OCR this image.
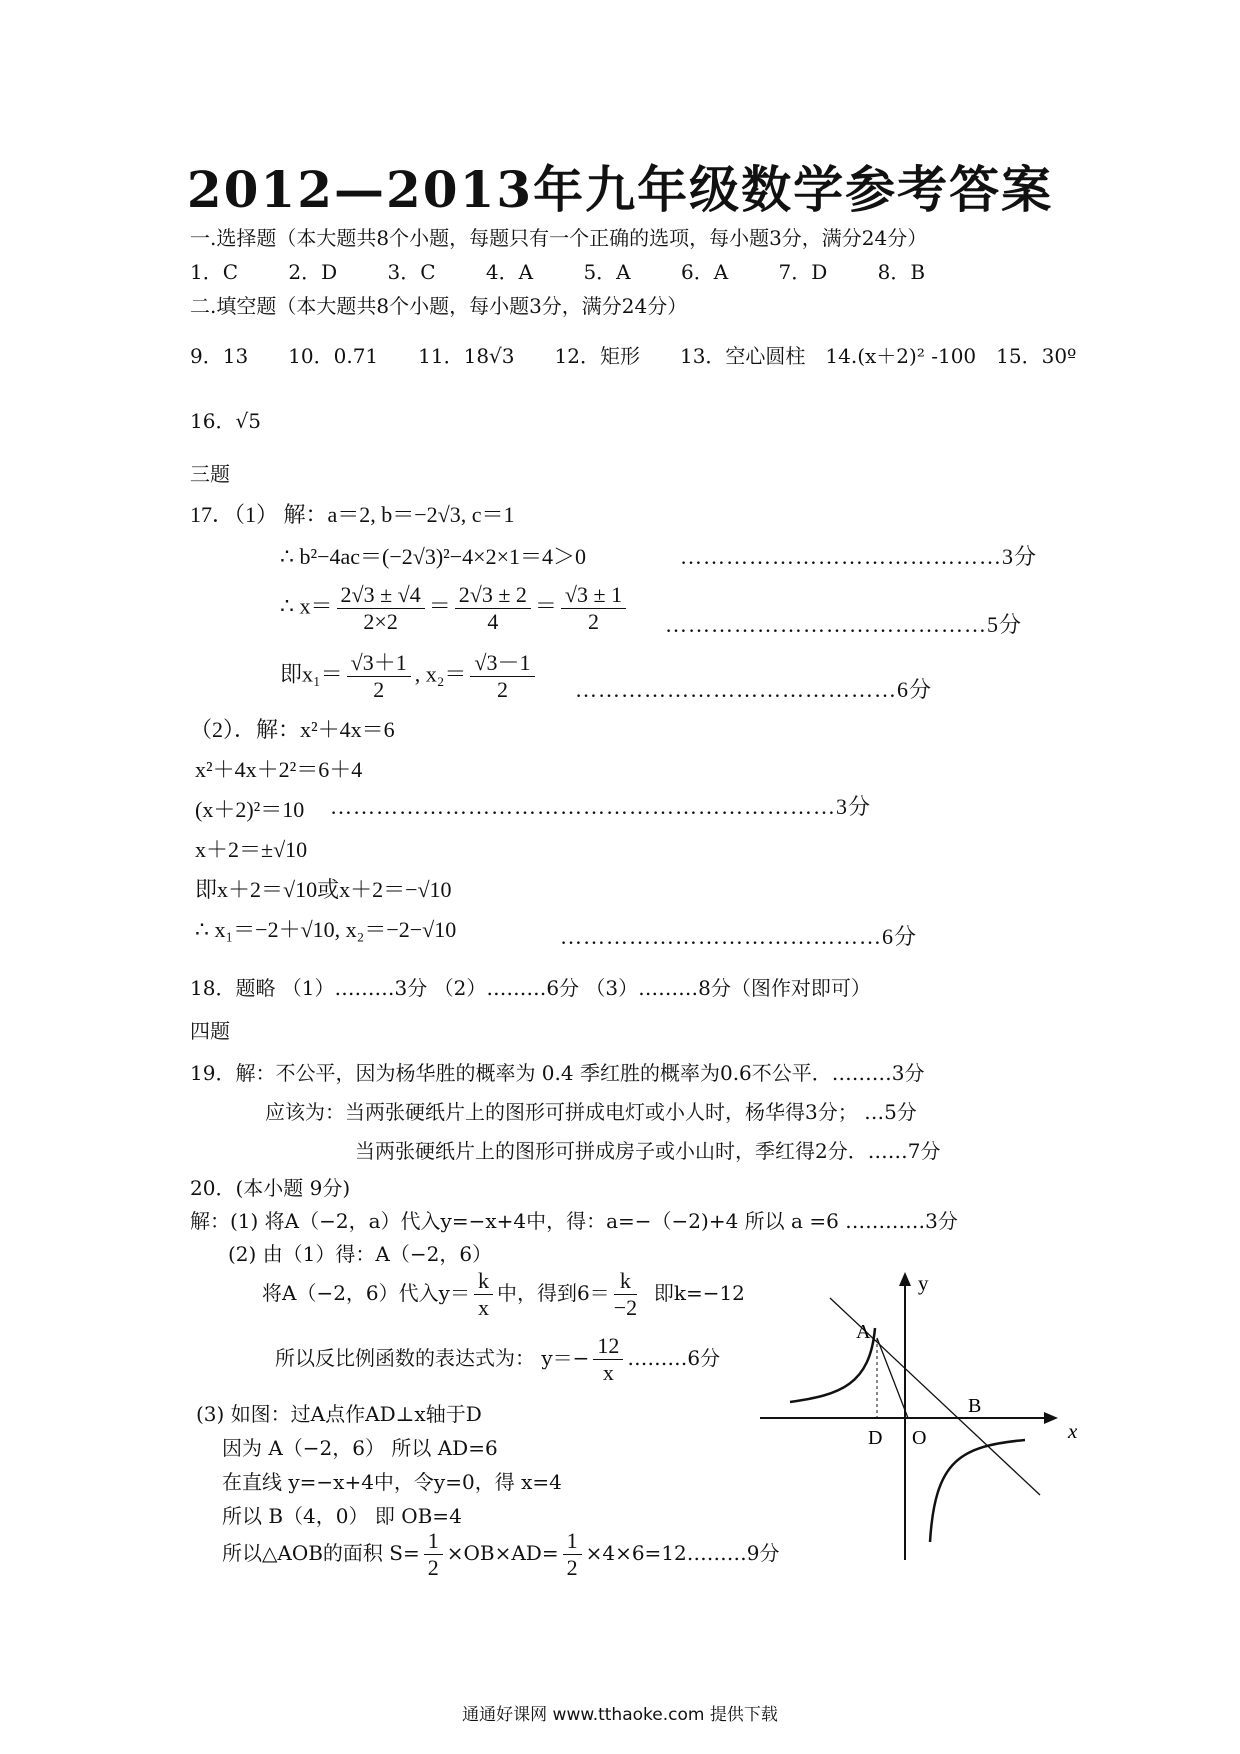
2012—2013年九年级数学参考答案
一.选择题（本大题共8个小题，每题只有一个正确的选项，每小题3分，满分24分）
1．C	2．D	3．C	4．A	5．A	6．A	7．D	8．B
二.填空题（本大题共8个小题，每小题3分，满分24分）
9．13　　10．0.71　　11．18√3　　12．矩形　　13．空心圆柱　14.(x＋2)² -100　15．30º
16．√5
三题
17．（1） 解：a＝2, b＝−2√3, c＝1
∴ b²−4ac＝(−2√3)²−4×2×1＝4＞0	……………………………………3分
∴ $x= \frac{2√3 \pm √4}{2\times 2} = \frac{2√3 \pm 2}{4} = \frac{√3 \pm 1}{2}$ ……………………………………5分
即$x_1= \frac{√3+1}{2}$ , $x_2= \frac{√3-1}{2}$ ……………………………………6分
（2）．解：x²＋4x＝6
x²＋4x＋2²＝6＋4
(x＋2)²＝10 …………………………………………………………3分
x＋2＝±√10
即x＋2＝√10或x＋2＝−√10
∴ x₁＝−2＋√10, x₂＝−2−√10	……………………………………6分
18．题略 （1）………3分 （2）………6分 （3）………8分（图作对即可）
四题
19．解：不公平，因为杨华胜的概率为 0.4 季红胜的概率为0.6不公平．………3分
应该为：当两张硬纸片上的图形可拼成电灯或小人时，杨华得3分； …5分
当两张硬纸片上的图形可拼成房子或小山时，季红得2分．……7分
20．(本小题 9分)
解：(1) 将A（−2，a）代入y=−x+4中，得：a=−（−2)+4 所以 a =6 …………3分
(2) 由（1）得：A（−2，6）
将A（−2，6）代入$y= \frac{k}{x}$ 中，得到$6= \frac{k}{-2}$ 即k=−12
所以反比例函数的表达式为： $y=- \frac{12}{x}$ ………6分
(3) 如图：过A点作AD⊥x轴于D
因为 A（−2，6） 所以 AD=6
在直线 y=−x+4中，令y=0，得 x=4
所以 B（4，0） 即 OB=4
所以△AOB的面积 $S= \frac{1}{2} \times OB\times AD= \frac{1}{2}$ ×4×6=12………9分
y
x
A
B
D O
通通好课网 www.tthaoke.com 提供下载
